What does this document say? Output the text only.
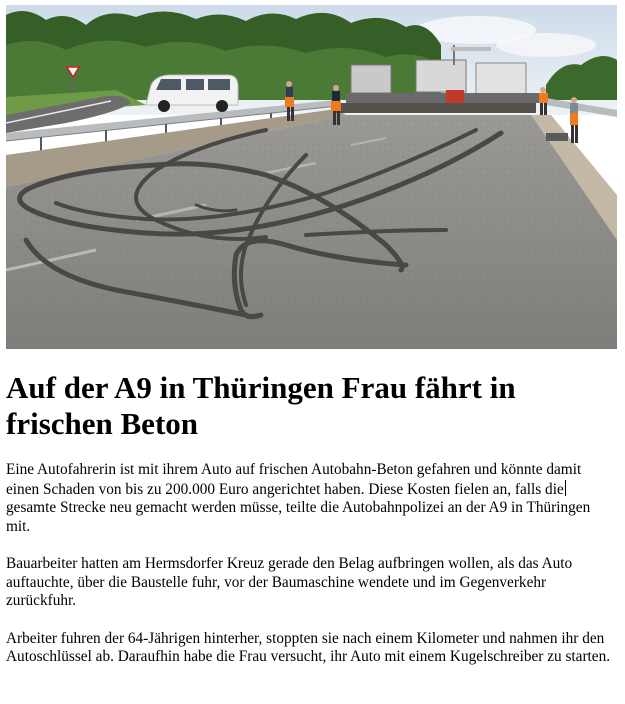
Auf der A9 in Thüringen Frau fährt in frischen Beton

Eine Autofahrerin ist mit ihrem Auto auf frischen Autobahn-Beton gefahren und könnte damit einen Schaden von bis zu 200.000 Euro angerichtet haben. Diese Kosten fielen an, falls die gesamte Strecke neu gemacht werden müsse, teilte die Autobahnpolizei an der A9 in Thüringen mit.

Bauarbeiter hatten am Hermsdorfer Kreuz gerade den Belag aufbringen wollen, als das Auto auftauchte, über die Baustelle fuhr, vor der Baumaschine wendete und im Gegenverkehr zurückfuhr.

Arbeiter fuhren der 64-Jährigen hinterher, stoppten sie nach einem Kilometer und nahmen ihr den Autoschlüssel ab. Daraufhin habe die Frau versucht, ihr Auto mit einem Kugelschreiber zu starten.
